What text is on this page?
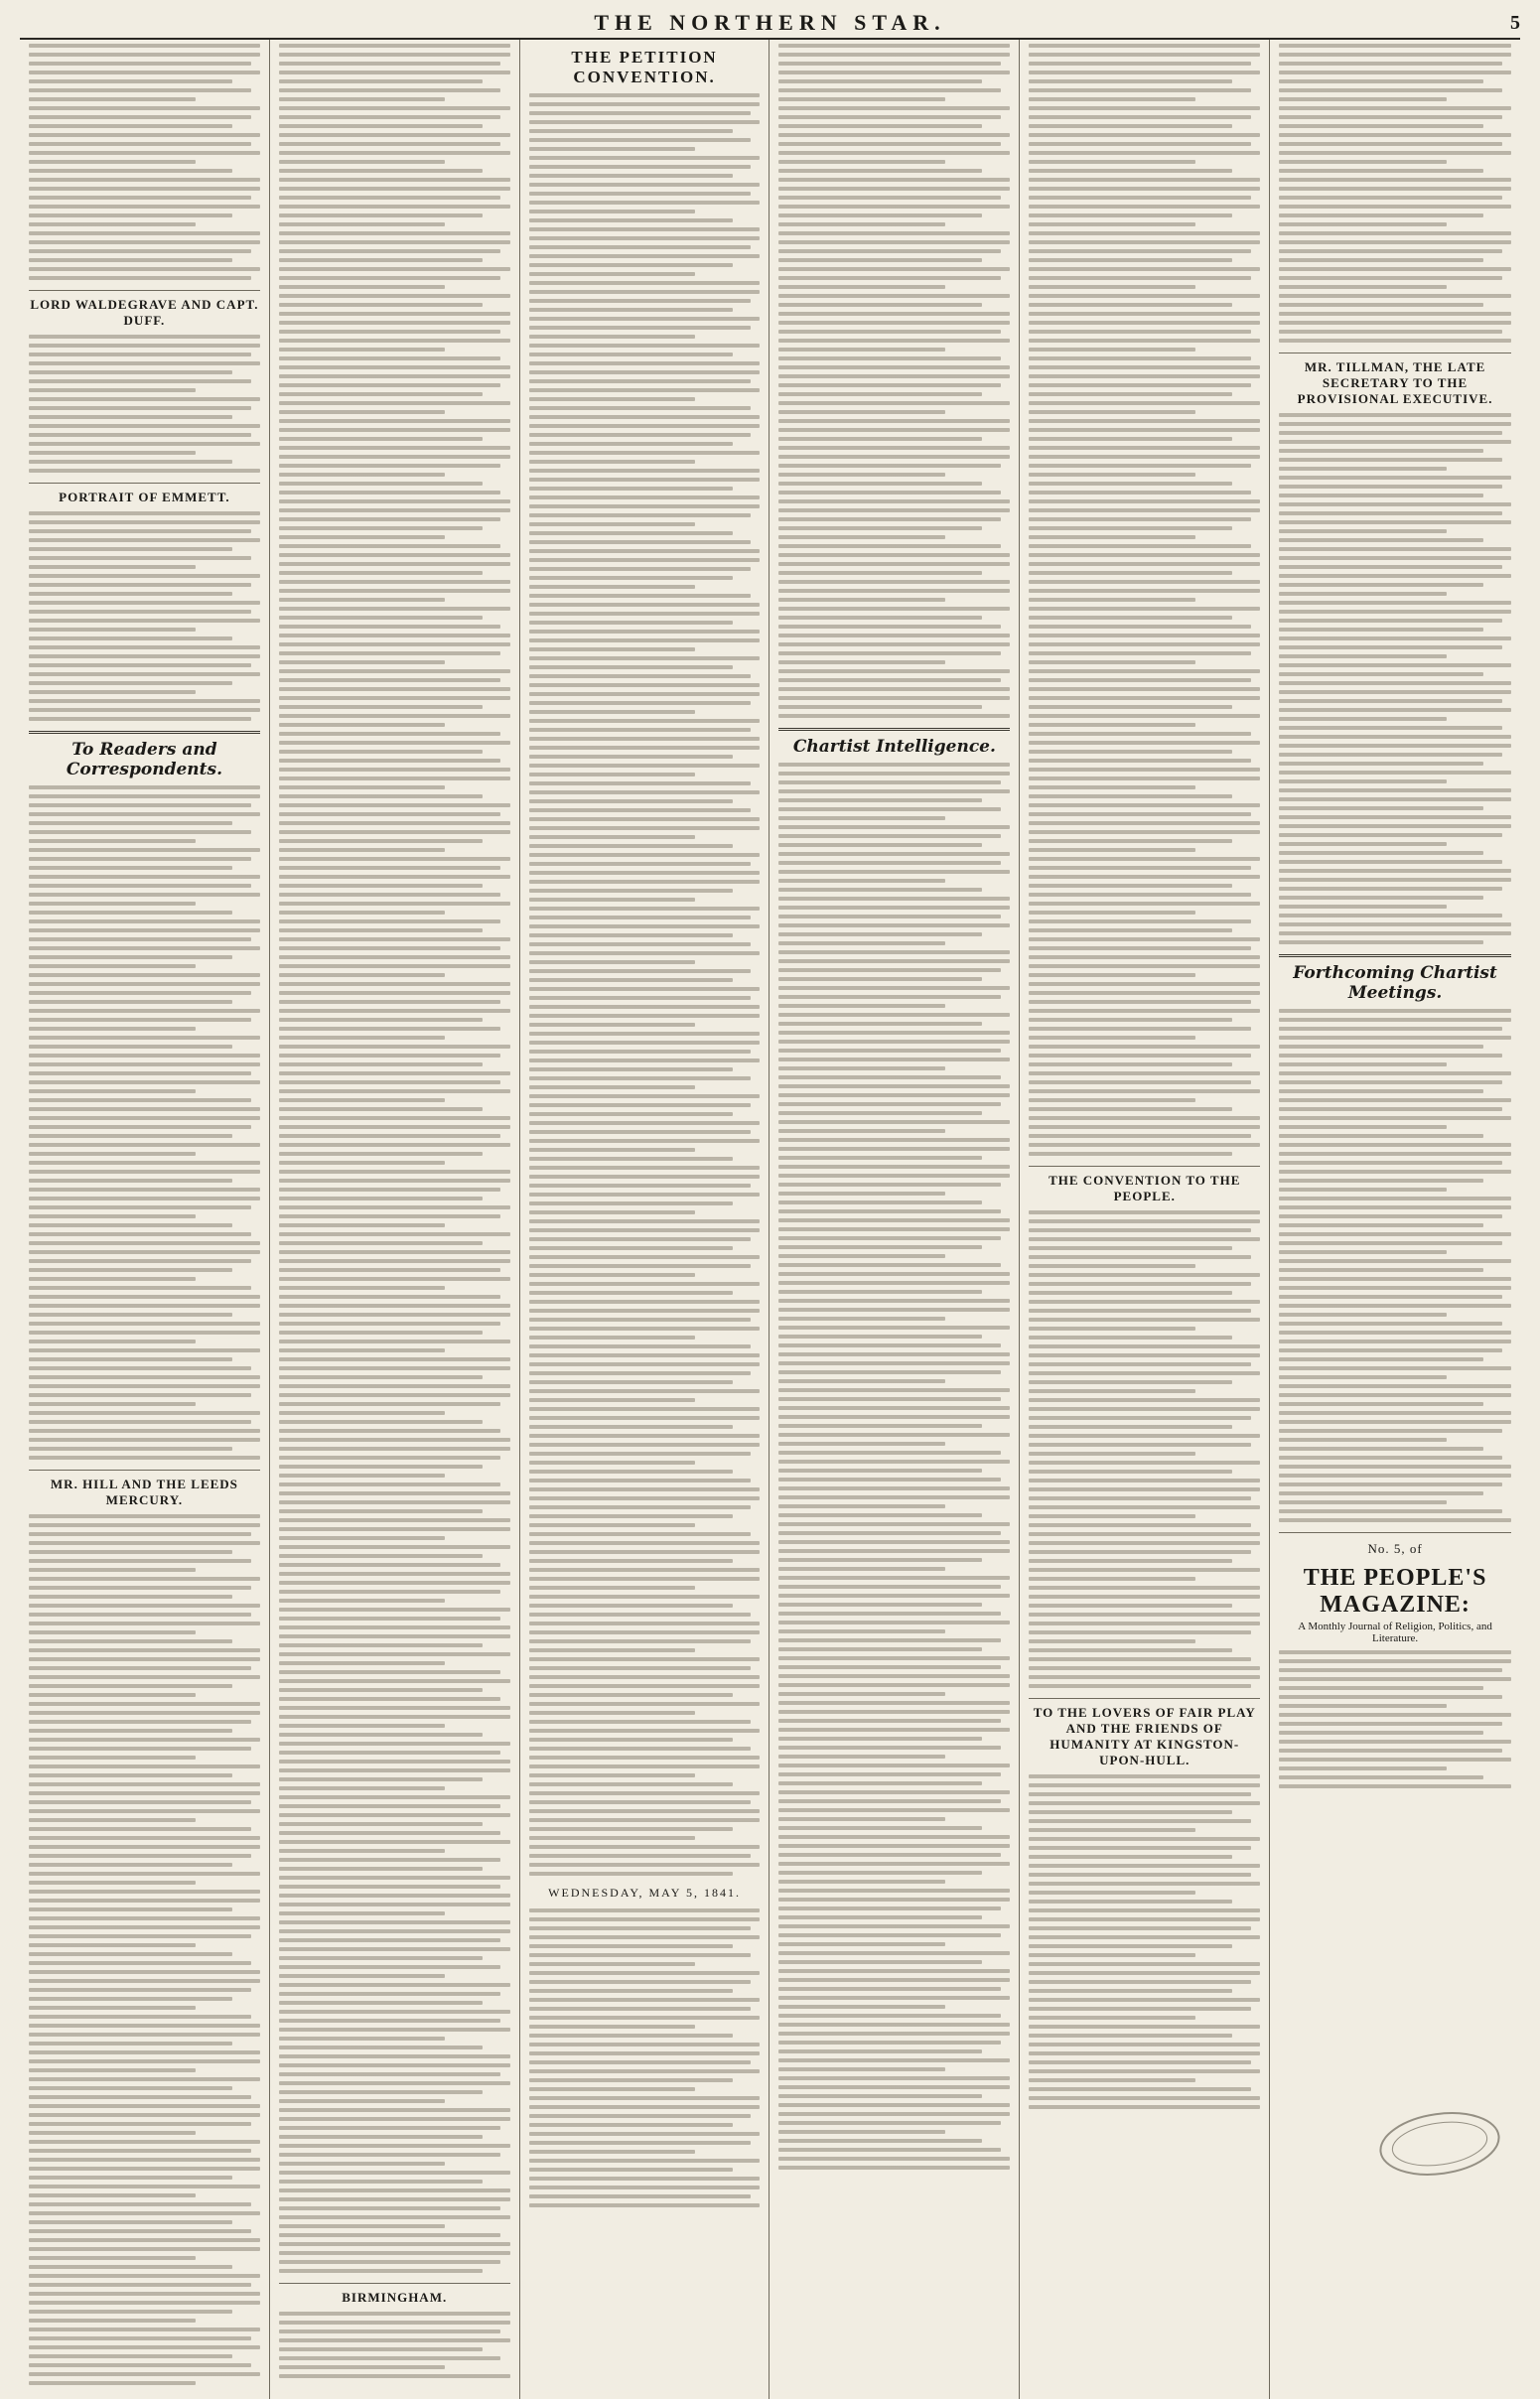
THE NORTHERN STAR.	5
LORD WALDEGRAVE AND CAPT. DUFF.
PORTRAIT OF EMMETT.
To Readers and Correspondents.
MR. HILL AND THE LEEDS MERCURY.
BIRMINGHAM.
THE PETITION CONVENTION.
WEDNESDAY, MAY 5, 1841.
Chartist Intelligence.
THE CONVENTION TO THE PEOPLE.
TO THE LOVERS OF FAIR PLAY AND THE FRIENDS OF HUMANITY AT KINGSTON-UPON-HULL.
MR. TILLMAN, THE LATE SECRETARY TO THE PROVISIONAL EXECUTIVE.
Forthcoming Chartist Meetings.
No. 5, of
THE PEOPLE'S MAGAZINE:
A Monthly Journal of Religion, Politics, and Literature.
